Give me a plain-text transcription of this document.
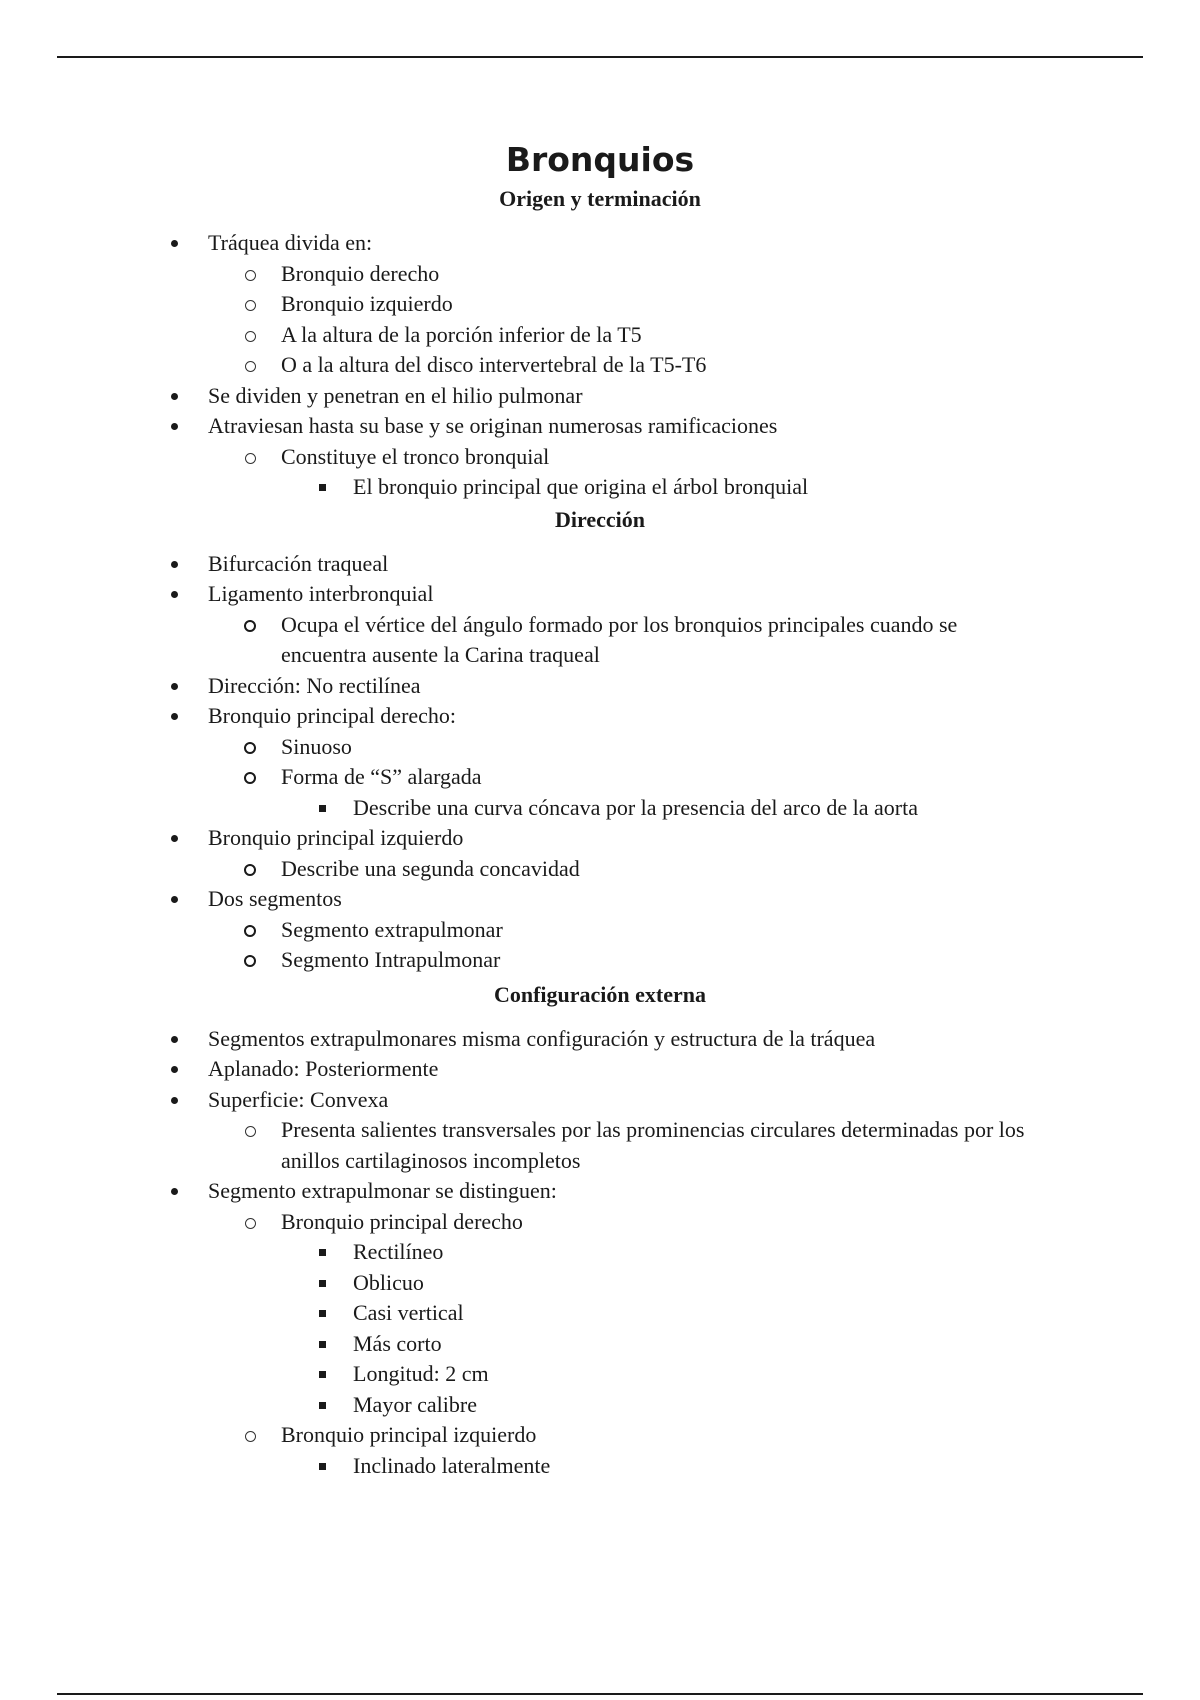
Bronquios
Origen y terminación
Tráquea divida en:
Bronquio derecho
Bronquio izquierdo
A la altura de la porción inferior de la T5
O a la altura del disco intervertebral de la T5-T6
Se dividen y penetran en el hilio pulmonar
Atraviesan hasta su base y se originan numerosas ramificaciones
Constituye el tronco bronquial
El bronquio principal que origina el árbol bronquial
Dirección
Bifurcación traqueal
Ligamento interbronquial
Ocupa el vértice del ángulo formado por los bronquios principales cuando se encuentra ausente la Carina traqueal
Dirección: No rectilínea
Bronquio principal derecho:
Sinuoso
Forma de “S” alargada
Describe una curva cóncava por la presencia del arco de la aorta
Bronquio principal izquierdo
Describe una segunda concavidad
Dos segmentos
Segmento extrapulmonar
Segmento Intrapulmonar
Configuración externa
Segmentos extrapulmonares misma configuración y estructura de la tráquea
Aplanado: Posteriormente
Superficie: Convexa
Presenta salientes transversales por las prominencias circulares determinadas por los anillos cartilaginosos incompletos
Segmento extrapulmonar se distinguen:
Bronquio principal derecho
Rectilíneo
Oblicuo
Casi vertical
Más corto
Longitud: 2 cm
Mayor calibre
Bronquio principal izquierdo
Inclinado lateralmente
